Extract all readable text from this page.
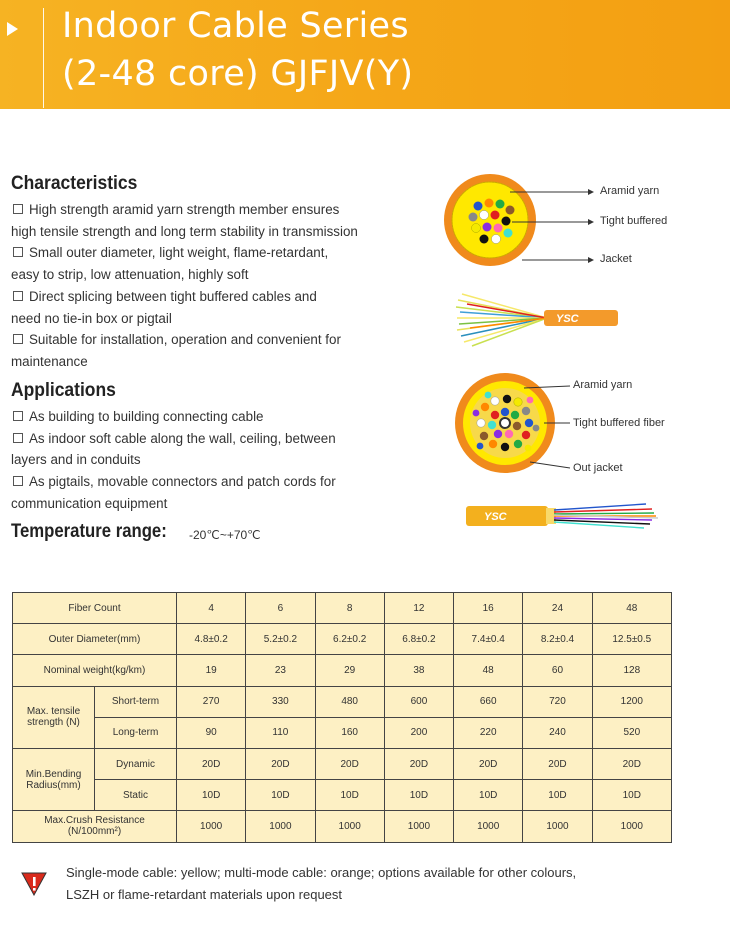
Indoor Cable Series
(2-48 core) GJFJV(Y)
Characteristics

High strength aramid yarn strength member ensures

high tensile strength and long term stability in transmission

Small outer diameter, light weight, flame-retardant,

easy to strip, low attenuation, highly soft

Direct splicing between tight buffered cables and

need no tie-in box or pigtail

Suitable for installation, operation and convenient for

maintenance

Applications

As building to building connecting cable

As indoor soft cable along the wall, ceiling, between

layers and in conduits

As pigtails, movable connectors and patch cords for

communication equipment

Temperature range: -20℃~+70℃
Aramid yarn
Tight buffered
Jacket
YSC
Aramid yarn
Tight buffered fiber
Out jacket
YSC
Fiber Count		4	6	8	12	16	24	48
Outer Diameter(mm)		4.8±0.2	5.2±0.2	6.2±0.2	6.8±0.2	7.4±0.4	8.2±0.4	12.5±0.5
Nominal weight(kg/km)		19	23	29	38	48	60	128
Max. tensile
strength (N)	Short-term	270	330	480	600	660	720	1200
	Long-term	90	110	160	200	220	240	520
Min.Bending
Radius(mm)	Dynamic	20D	20D	20D	20D	20D	20D	20D
	Static	10D	10D	10D	10D	10D	10D	10D
Max.Crush Resistance
(N/100mm²)		1000	1000	1000	1000	1000	1000	1000
Single-mode cable: yellow; multi-mode cable: orange; options available for other colours,
LSZH or flame-retardant materials upon request
